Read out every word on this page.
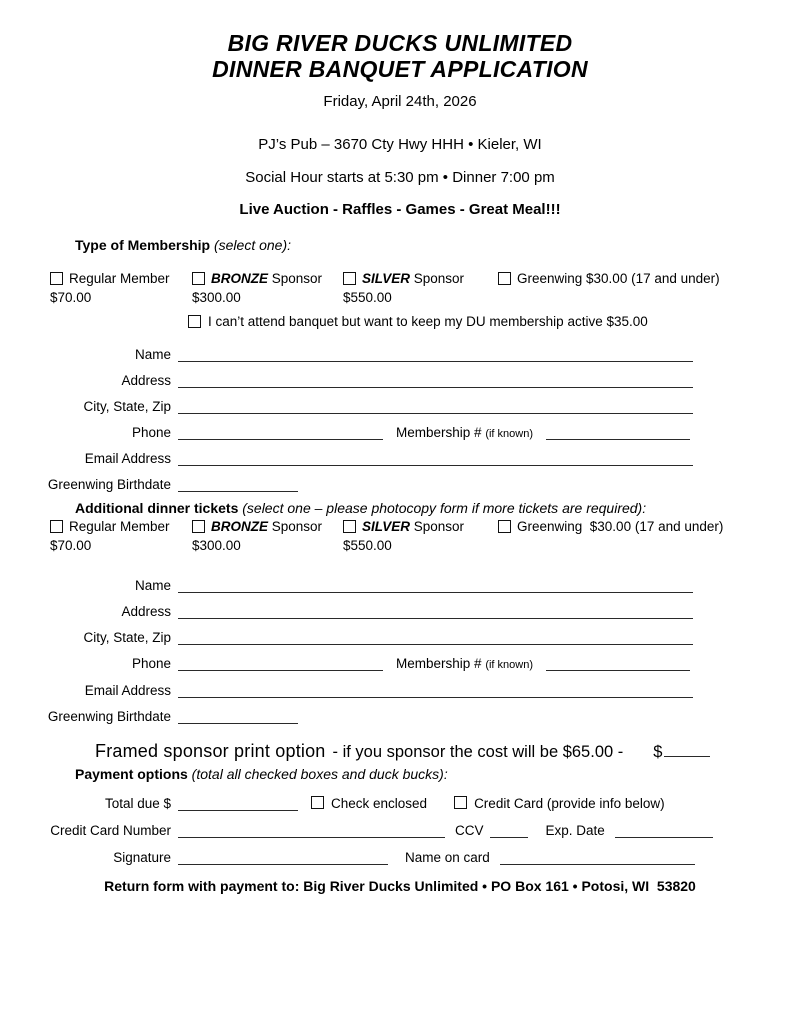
BIG RIVER DUCKS UNLIMITED
DINNER BANQUET APPLICATION
Friday, April 24th, 2026
PJ’s Pub – 3670 Cty Hwy HHH • Kieler, WI
Social Hour starts at 5:30 pm • Dinner 7:00 pm
Live Auction - Raffles - Games - Great Meal!!!
Type of Membership (select one):
Regular Member
$70.00
BRONZE Sponsor
$300.00
SILVER Sponsor
$550.00
Greenwing $30.00 (17 and under)
I can’t attend banquet but want to keep my DU membership active $35.00
Name
Address
City, State, Zip
Phone	Membership # (if known)
Email Address
Greenwing Birthdate
Additional dinner tickets (select one – please photocopy form if more tickets are required):
Regular Member
$70.00
BRONZE Sponsor
$300.00
SILVER Sponsor
$550.00
Greenwing  $30.00 (17 and under)
Name
Address
City, State, Zip
Phone	Membership # (if known)
Email Address
Greenwing Birthdate
Framed sponsor print option - if you sponsor the cost will be $65.00 - $
Payment options (total all checked boxes and duck bucks):
Total due $	Check enclosed	Credit Card (provide info below)
Credit Card Number	CCV	Exp. Date
Signature	Name on card
Return form with payment to: Big River Ducks Unlimited • PO Box 161 • Potosi, WI  53820
